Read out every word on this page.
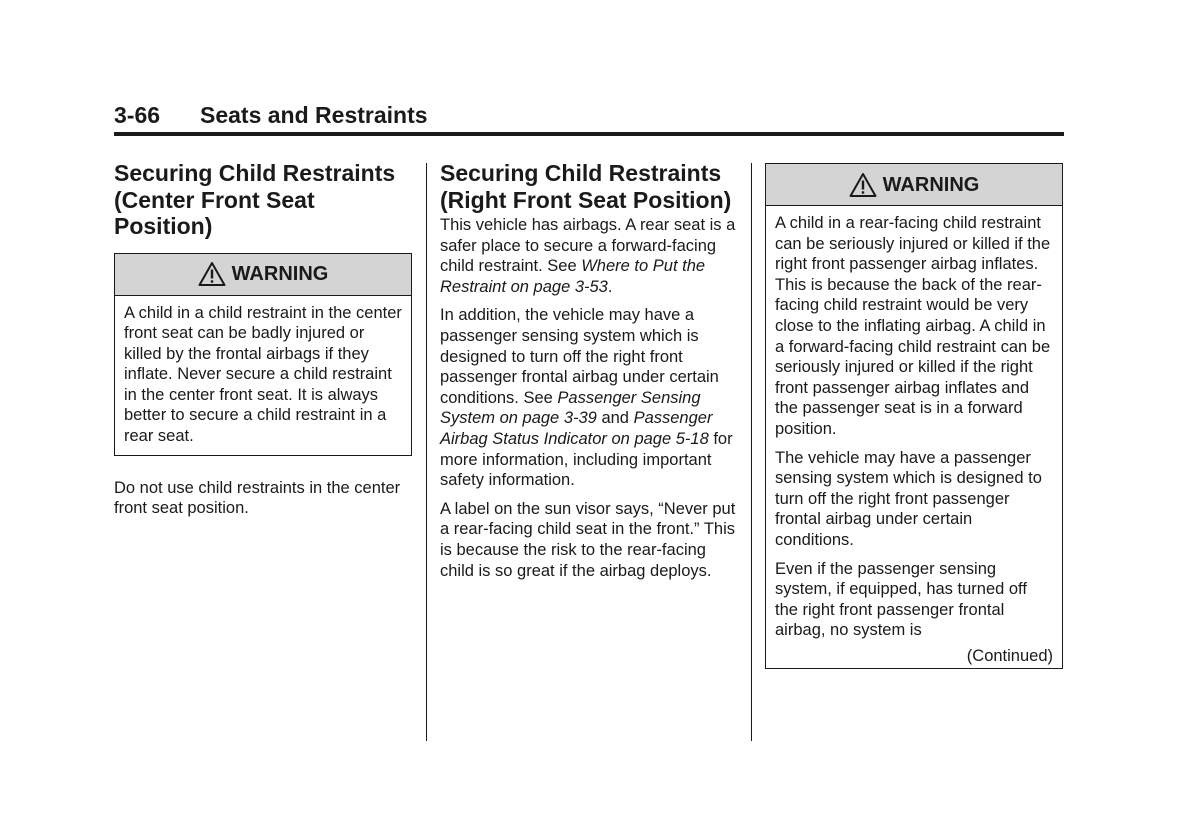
3-66 Seats and Restraints
Securing Child Restraints (Center Front Seat Position)
WARNING

A child in a child restraint in the center front seat can be badly injured or killed by the frontal airbags if they inflate. Never secure a child restraint in the center front seat. It is always better to secure a child restraint in a rear seat.

Do not use child restraints in the center front seat position.

Securing Child Restraints (Right Front Seat Position)

This vehicle has airbags. A rear seat is a safer place to secure a forward-facing child restraint. See Where to Put the Restraint on page 3-53.

In addition, the vehicle may have a passenger sensing system which is designed to turn off the right front passenger frontal airbag under certain conditions. See Passenger Sensing System on page 3-39 and Passenger Airbag Status Indicator on page 5-18 for more information, including important safety information.

A label on the sun visor says, “Never put a rear-facing child seat in the front.” This is because the risk to the rear-facing child is so great if the airbag deploys.

WARNING

A child in a rear-facing child restraint can be seriously injured or killed if the right front passenger airbag inflates. This is because the back of the rear-facing child restraint would be very close to the inflating airbag. A child in a forward-facing child restraint can be seriously injured or killed if the right front passenger airbag inflates and the passenger seat is in a forward position.

The vehicle may have a passenger sensing system which is designed to turn off the right front passenger frontal airbag under certain conditions.

Even if the passenger sensing system, if equipped, has turned off the right front passenger frontal airbag, no system is

(Continued)
